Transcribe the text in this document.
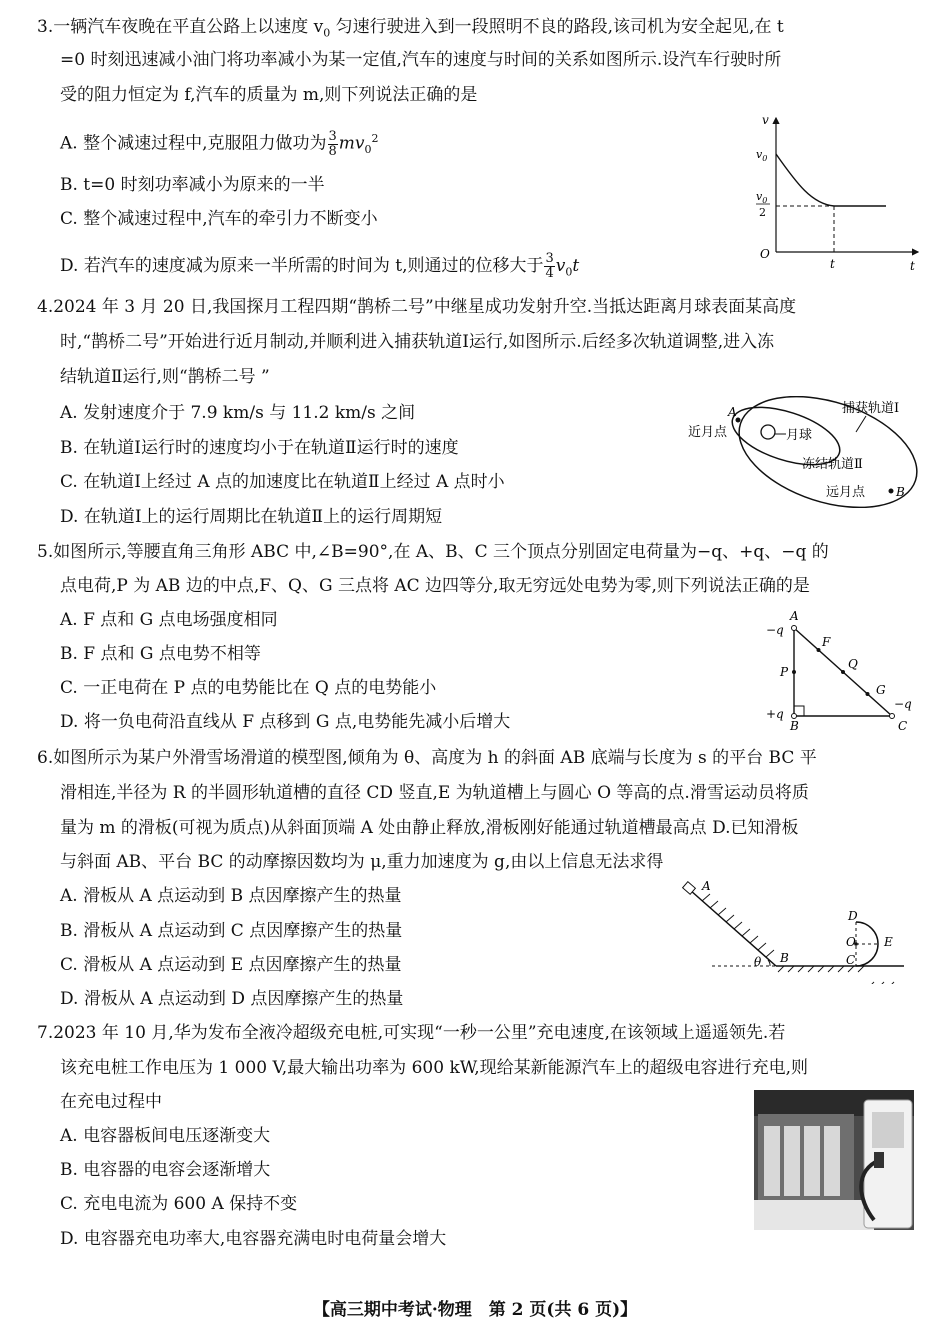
3.一辆汽车夜晚在平直公路上以速度 $v_0$ 匀速行驶进入到一段照明不良的路段,该司机为安全起见,在 t
=0 时刻迅速减小油门将功率减小为某一定值,汽车的速度与时间的关系如图所示.设汽车行驶时所
受的阻力恒定为 f,汽车的质量为 m,则下列说法正确的是
A. 整个减速过程中,克服阻力做功为 $\frac{3}{8} mv_0^2$
B. t=0 时刻功率减小为原来的一半
C. 整个减速过程中,汽车的牵引力不断变小
D. 若汽车的速度减为原来一半所需的时间为 t,则通过的位移大于 $\frac{3}{4} v_0t$
v
$v_0$
$v_0$
2
O
t	t
4.2024 年 3 月 20 日,我国探月工程四期“鹊桥二号”中继星成功发射升空.当抵达距离月球表面某高度
时,“鹊桥二号”开始进行近月制动,并顺利进入捕获轨道Ⅰ运行,如图所示.后经多次轨道调整,进入冻
结轨道Ⅱ运行,则“鹊桥二号 ”
A. 发射速度介于 7.9 km/s 与 11.2 km/s 之间
B. 在轨道Ⅰ运行时的速度均小于在轨道Ⅱ运行时的速度
C. 在轨道Ⅰ上经过 A 点的加速度比在轨道Ⅱ上经过 A 点时小
D. 在轨道Ⅰ上的运行周期比在轨道Ⅱ上的运行周期短
A
近月点	月球
捕获轨道Ⅰ
冻结轨道Ⅱ
远月点	B
5.如图所示,等腰直角三角形 ABC 中,∠B=90°,在 A、B、C 三个顶点分别固定电荷量为−q、+q、−q 的
点电荷,P 为 AB 边的中点,F、Q、G 三点将 AC 边四等分,取无穷远处电势为零,则下列说法正确的是
A. F 点和 G 点电场强度相同
B. F 点和 G 点电势不相等
C. 一正电荷在 P 点的电势能比在 Q 点的电势能小
D. 将一负电荷沿直线从 F 点移到 G 点,电势能先减小后增大
A
−q
F
P
Q
G
−q
+q
B	C
6.如图所示为某户外滑雪场滑道的模型图,倾角为 θ、高度为 h 的斜面 AB 底端与长度为 s 的平台 BC 平
滑相连,半径为 R 的半圆形轨道槽的直径 CD 竖直,E 为轨道槽上与圆心 O 等高的点.滑雪运动员将质
量为 m 的滑板(可视为质点)从斜面顶端 A 处由静止释放,滑板刚好能通过轨道槽最高点 D.已知滑板
与斜面 AB、平台 BC 的动摩擦因数均为 μ,重力加速度为 g,由以上信息无法求得
A. 滑板从 A 点运动到 B 点因摩擦产生的热量
B. 滑板从 A 点运动到 C 点因摩擦产生的热量
C. 滑板从 A 点运动到 E 点因摩擦产生的热量
D. 滑板从 A 点运动到 D 点因摩擦产生的热量
A
B	C
D
O E
θ
7.2023 年 10 月,华为发布全液冷超级充电桩,可实现“一秒一公里”充电速度,在该领域上遥遥领先.若
该充电桩工作电压为 1 000 V,最大输出功率为 600 kW,现给某新能源汽车上的超级电容进行充电,则
在充电过程中
A. 电容器板间电压逐渐变大
B. 电容器的电容会逐渐增大
C. 充电电流为 600 A 保持不变
D. 电容器充电功率大,电容器充满电时电荷量会增大
【高三期中考试·物理　第 2 页(共 6 页)】
